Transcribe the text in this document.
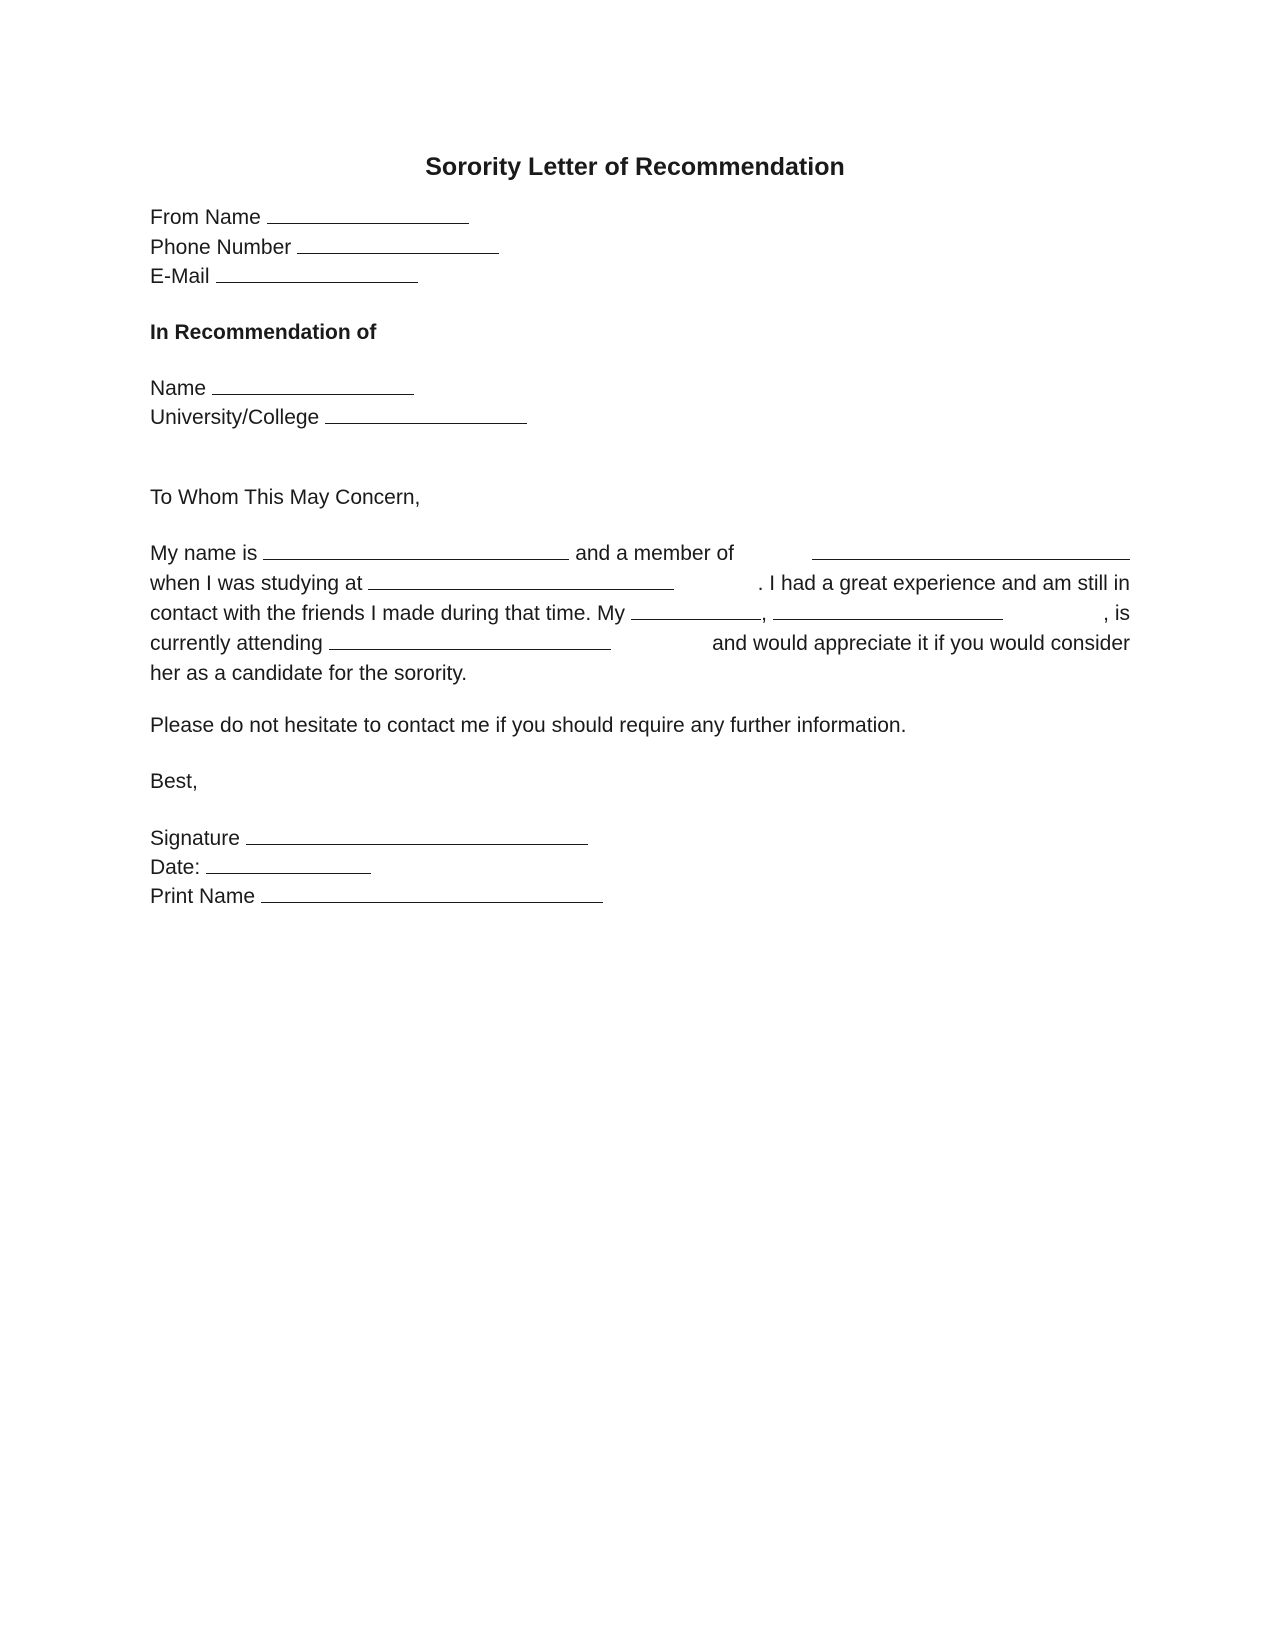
Sorority Letter of Recommendation
From Name
Phone Number
E-Mail
In Recommendation of
Name
University/College
To Whom This May Concern,
My name is	and a member of
when I was studying at	. I had a great experience and am still in
contact with the friends I made during that time. My	,	, is
currently attending	and would appreciate it if you would consider
her as a candidate for the sorority.
Please do not hesitate to contact me if you should require any further information.
Best,
Signature
Date:
Print Name
